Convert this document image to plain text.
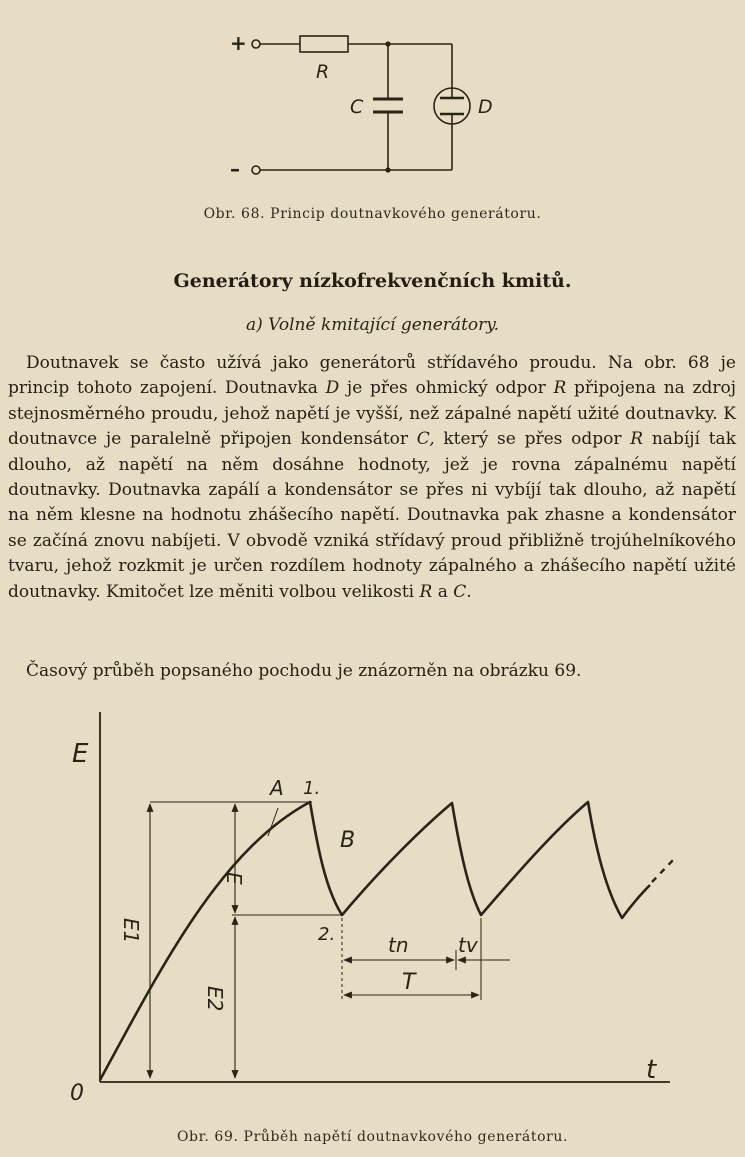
+
–
R
C	D
Obr. 68. Princip doutnavkového generátoru.
Generátory nízkofrekvenčních kmitů.
a) Volně kmitající generátory.

Doutnavek se často užívá jako generátorů střídavého proudu. Na obr. 68 je princip tohoto zapojení. Doutnavka D je přes ohmický odpor R připojena na zdroj stejnosměrného proudu, jehož napětí je vyšší, než zápalné napětí užité doutnavky. K doutnavce je paralelně připojen kondensátor C, který se přes odpor R nabíjí tak dlouho, až napětí na něm dosáhne hodnoty, jež je rovna zápalnému napětí doutnavky. Doutnavka zapálí a kondensátor se přes ni vybíjí tak dlouho, až napětí na něm klesne na hodnotu zhášecího napětí. Doutnavka pak zhasne a kondensátor se začíná znovu nabíjeti. V obvodě vzniká střídavý proud přibližně trojúhelníkového tvaru, jehož rozkmit je určen rozdílem hodnoty zápalného a zhášecího napětí užité doutnavky. Kmitočet lze měniti volbou velikosti R a C.

Časový průběh popsaného pochodu je znázorněn na obrázku 69.

E
t
0
A 1.
B
2.
E
E1
E2
tn tv
T
Obr. 69. Průběh napětí doutnavkového generátoru.
